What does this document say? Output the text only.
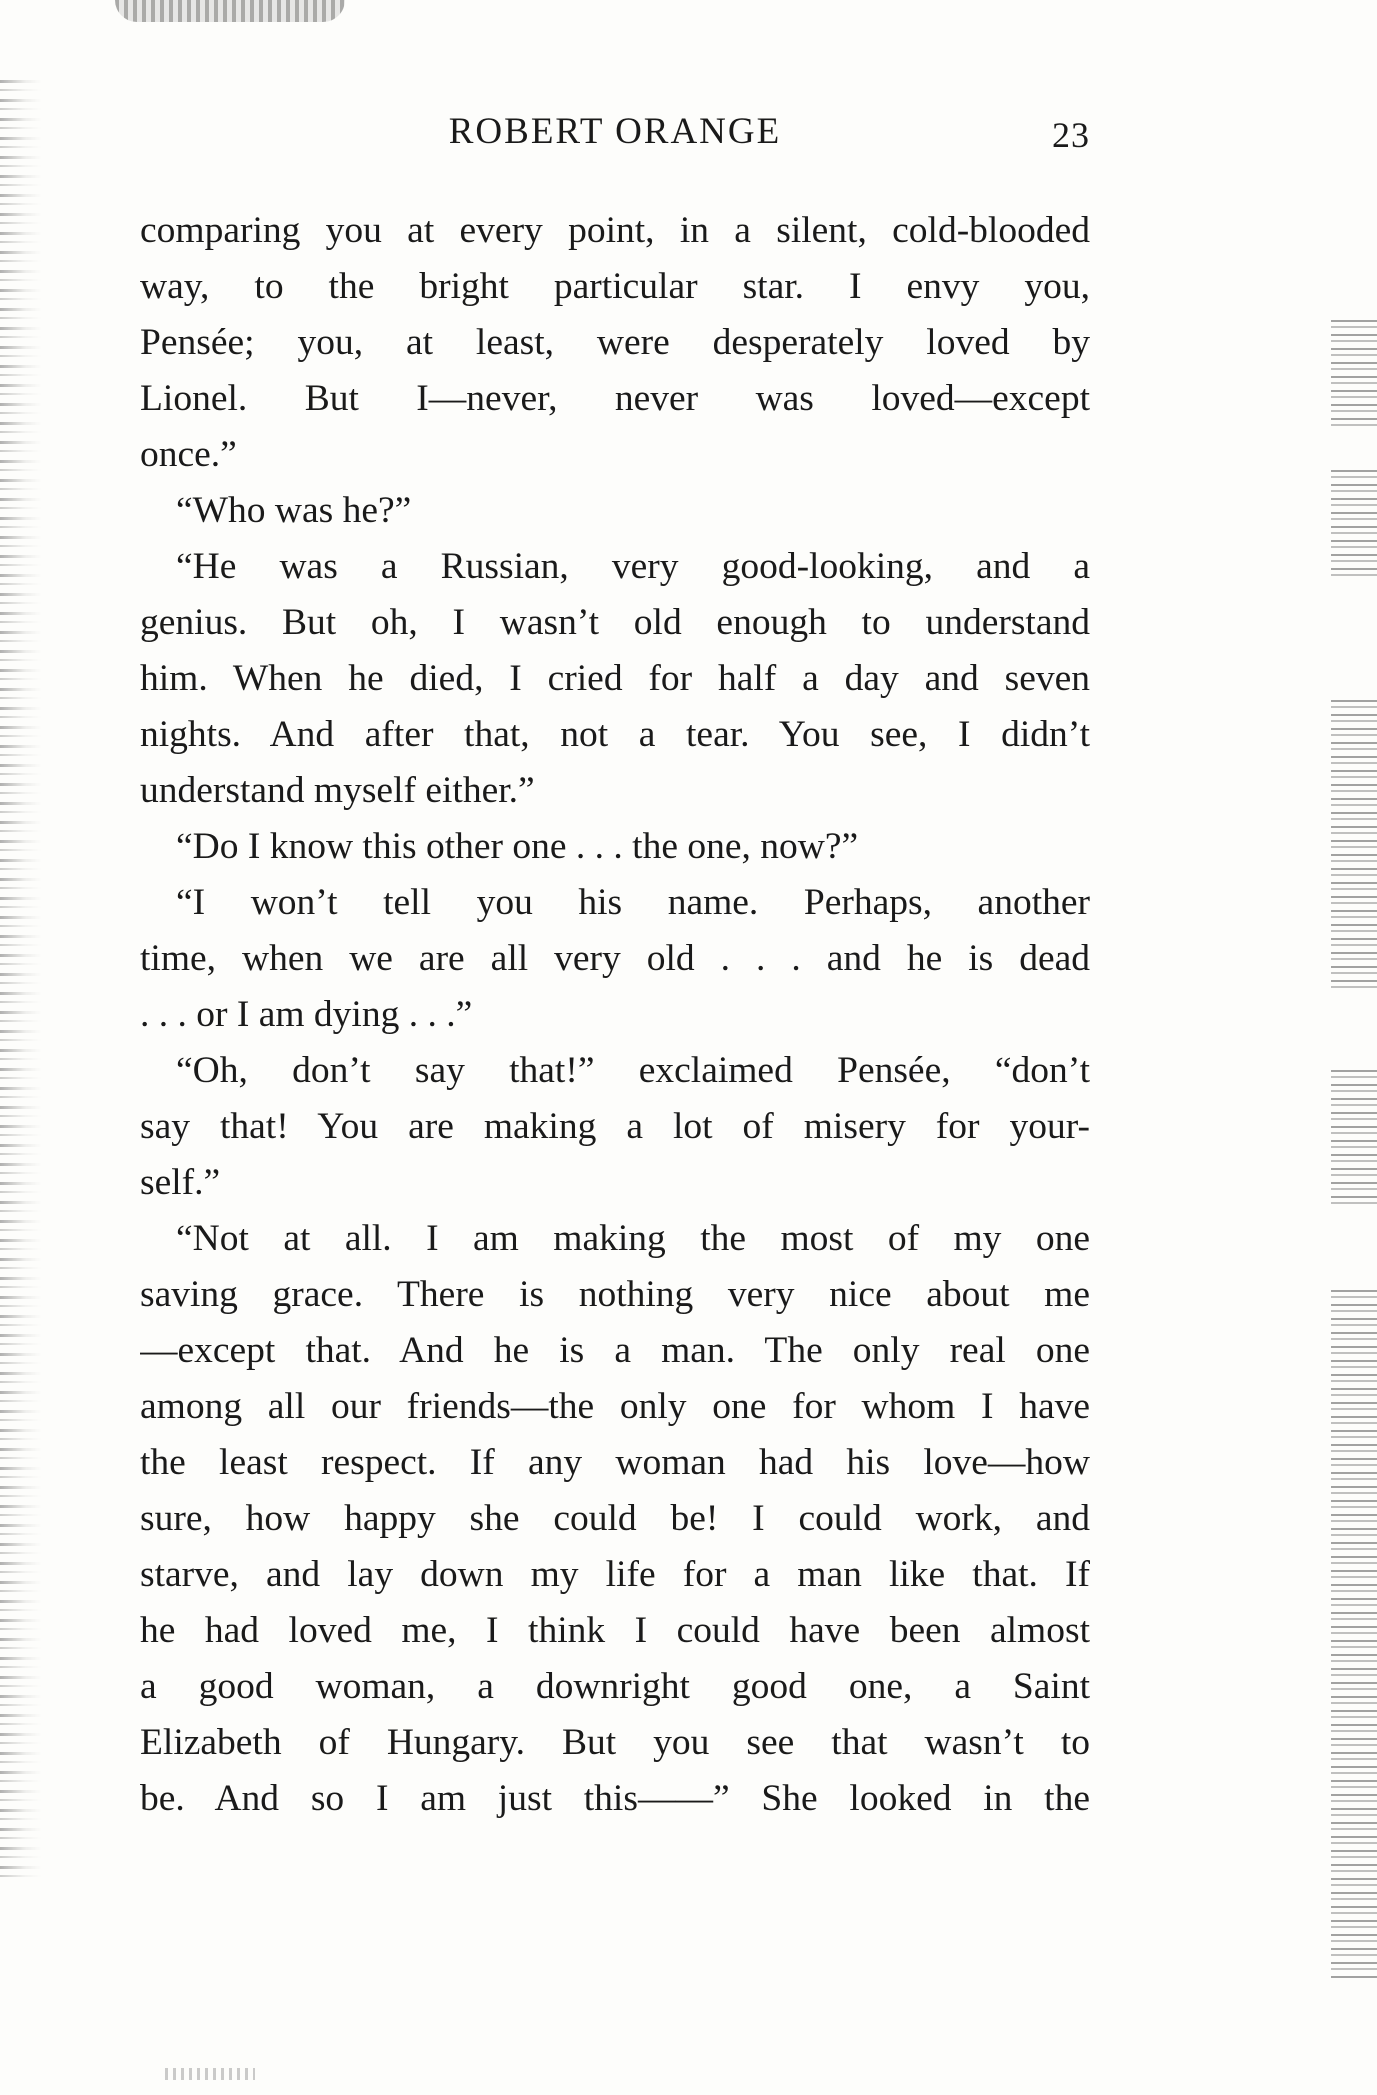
ROBERT ORANGE	23
comparing you at every point, in a silent, cold-blooded
way, to the bright particular star. I envy you,
Pensée; you, at least, were desperately loved by
Lionel. But I—never, never was loved—except
once.”
“Who was he?”
“He was a Russian, very good-looking, and a
genius. But oh, I wasn’t old enough to understand
him. When he died, I cried for half a day and seven
nights. And after that, not a tear. You see, I didn’t
understand myself either.”
“Do I know this other one . . . the one, now?”
“I won’t tell you his name. Perhaps, another
time, when we are all very old . . . and he is dead
. . . or I am dying . . .”
“Oh, don’t say that!” exclaimed Pensée, “don’t
say that! You are making a lot of misery for your-
self.”
“Not at all. I am making the most of my one
saving grace. There is nothing very nice about me
—except that. And he is a man. The only real one
among all our friends—the only one for whom I have
the least respect. If any woman had his love—how
sure, how happy she could be! I could work, and
starve, and lay down my life for a man like that. If
he had loved me, I think I could have been almost
a good woman, a downright good one, a Saint
Elizabeth of Hungary. But you see that wasn’t to
be. And so I am just this——” She looked in the
